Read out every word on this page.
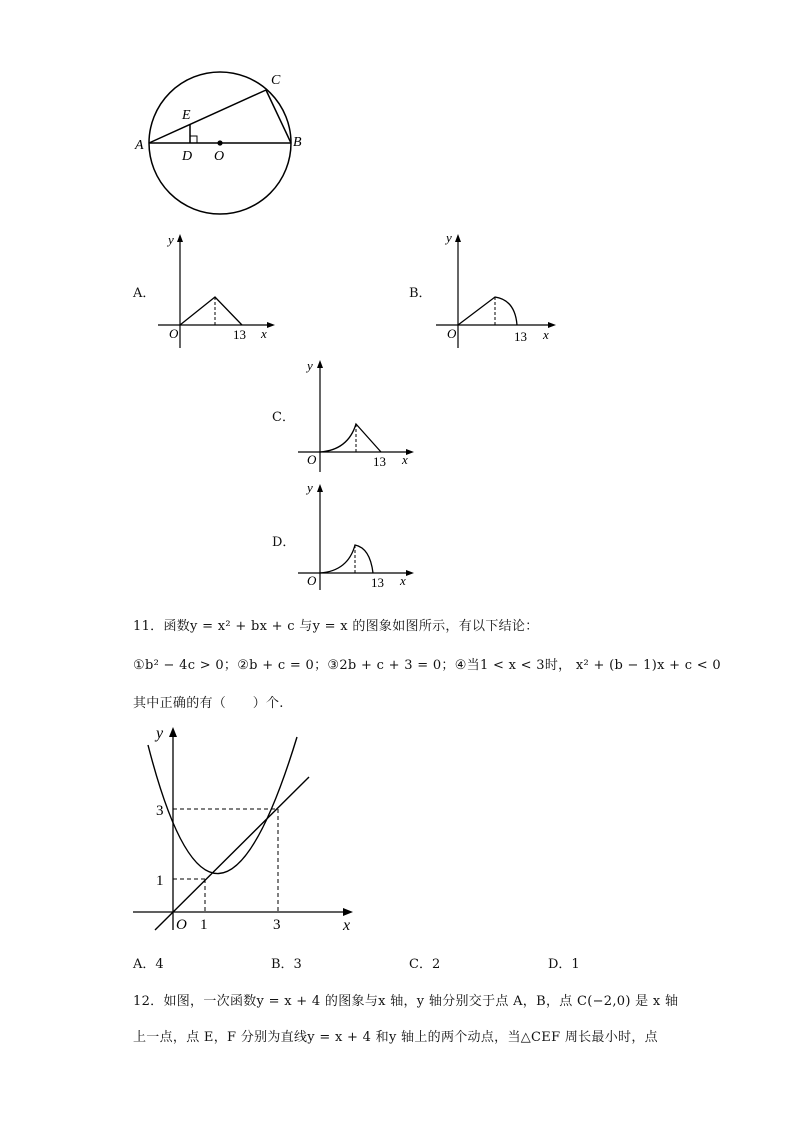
A	B
C
D
E
O
A．
y
O	13 x
B．
y
O	13 x
C．
y
O	13 x
D．
y
O	13 x
11．函数y = x² + bx + c 与y = x 的图象如图所示，有以下结论：
①b² − 4c > 0；②b + c = 0；③2b + c + 3 = 0；④当1 < x < 3时， x² + (b − 1)x + c < 0
其中正确的有（　　）个.
y
x
O 1	3
1
3
A．4	B．3	C．2	D．1
12．如图，一次函数y = x + 4 的图象与x 轴，y 轴分别交于点 A，B，点 C(−2,0) 是 x 轴
上一点，点 E，F 分别为直线y = x + 4 和y 轴上的两个动点，当△CEF 周长最小时，点
